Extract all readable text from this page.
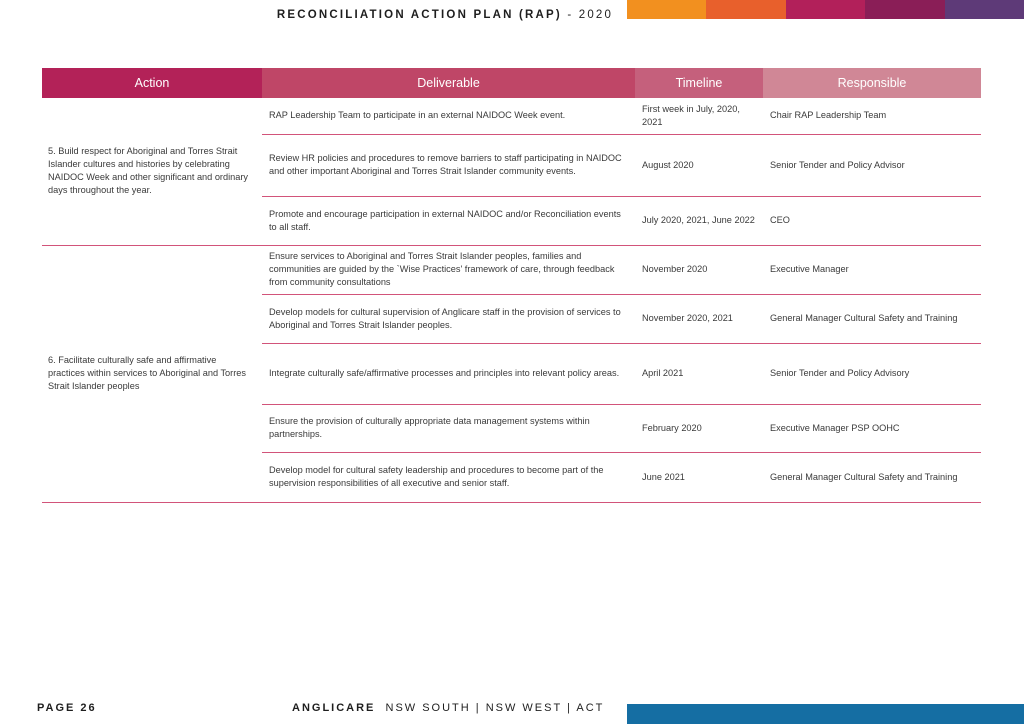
RECONCILIATION ACTION PLAN (RAP) - 2020
Action	Deliverable	Timeline	Responsible
5. Build respect for Aboriginal and Torres Strait Islander cultures and histories by celebrating NAIDOC Week and other significant and ordinary days throughout the year.	RAP Leadership Team to participate in an external NAIDOC Week event.	First week in July, 2020, 2021	Chair RAP Leadership Team
	Review HR policies and procedures to remove barriers to staff participating in NAIDOC and other important Aboriginal and Torres Strait Islander community events.	August 2020	Senior Tender and Policy Advisor
	Promote and encourage participation in external NAIDOC and/or Reconciliation events to all staff.	July 2020, 2021, June 2022	CEO
6. Facilitate culturally safe and affirmative practices within services to Aboriginal and Torres Strait Islander peoples	Ensure services to Aboriginal and Torres Strait Islander peoples, families and communities are guided by the `Wise Practices' framework of care, through feedback from community consultations	November 2020	Executive Manager
	Develop models for cultural supervision of Anglicare staff in the provision of services to Aboriginal and Torres Strait Islander peoples.	November 2020, 2021	General Manager Cultural Safety and Training
	Integrate culturally safe/affirmative processes and principles into relevant policy areas.	April 2021	Senior Tender and Policy Advisory
	Ensure the provision of culturally appropriate data management systems within partnerships.	February 2020	Executive Manager PSP OOHC
	Develop model for cultural safety leadership and procedures to become part of the supervision responsibilities of all executive and senior staff.	June 2021	General Manager Cultural Safety and Training
PAGE 26	ANGLICARE  NSW SOUTH | NSW WEST | ACT
